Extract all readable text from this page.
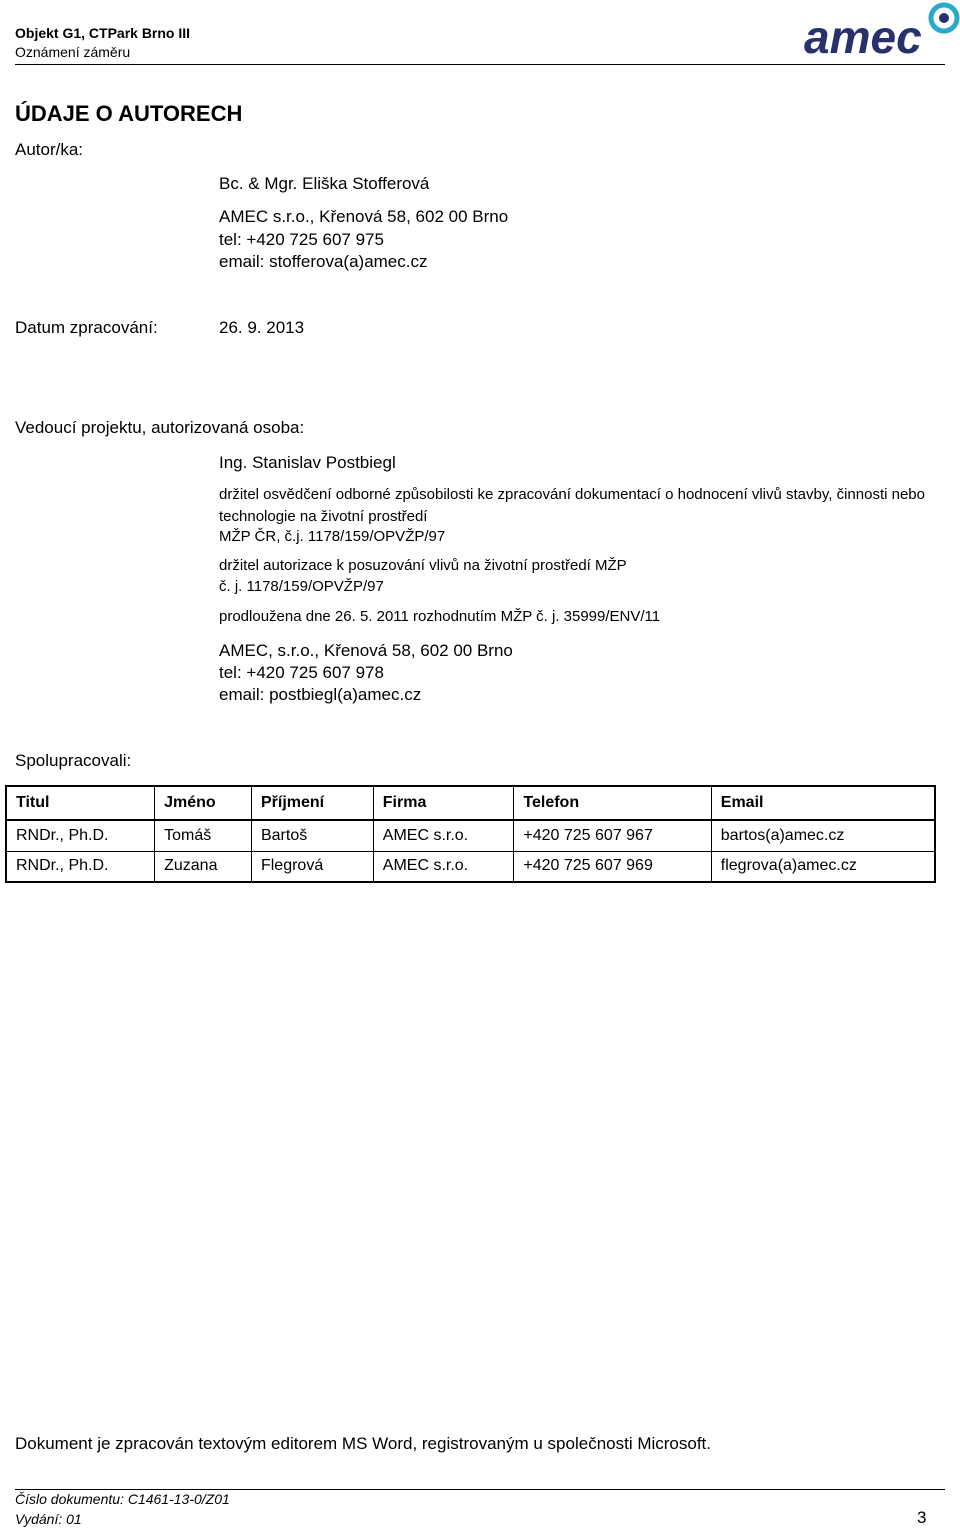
Objekt G1, CTPark Brno III
Oznámení záměru	amec
ÚDAJE O AUTORECH
Autor/ka:
Bc. & Mgr. Eliška Stofferová
AMEC s.r.o., Křenová 58, 602 00 Brno
tel: +420 725 607 975
email: stofferova(a)amec.cz
Datum zpracování:	26. 9. 2013
Vedoucí projektu, autorizovaná osoba:
Ing. Stanislav Postbiegl
držitel osvědčení odborné způsobilosti ke zpracování dokumentací o hodnocení vlivů stavby, činnosti nebo technologie na životní prostředí
MŽP ČR, č.j. 1178/159/OPVŽP/97
držitel autorizace k posuzování vlivů na životní prostředí MŽP
č. j. 1178/159/OPVŽP/97
prodloužena dne 26. 5. 2011 rozhodnutím MŽP č. j. 35999/ENV/11
AMEC, s.r.o., Křenová 58, 602 00 Brno
tel: +420 725 607 978
email: postbiegl(a)amec.cz
Spolupracovali:
Titul	Jméno	Příjmení	Firma	Telefon	Email
RNDr., Ph.D.	Tomáš	Bartoš	AMEC s.r.o.	+420 725 607 967	bartos(a)amec.cz
RNDr., Ph.D.	Zuzana	Flegrová	AMEC s.r.o.	+420 725 607 969	flegrova(a)amec.cz
Dokument je zpracován textovým editorem MS Word, registrovaným u společnosti Microsoft.
Číslo dokumentu: C1461-13-0/Z01
Vydání: 01	3
